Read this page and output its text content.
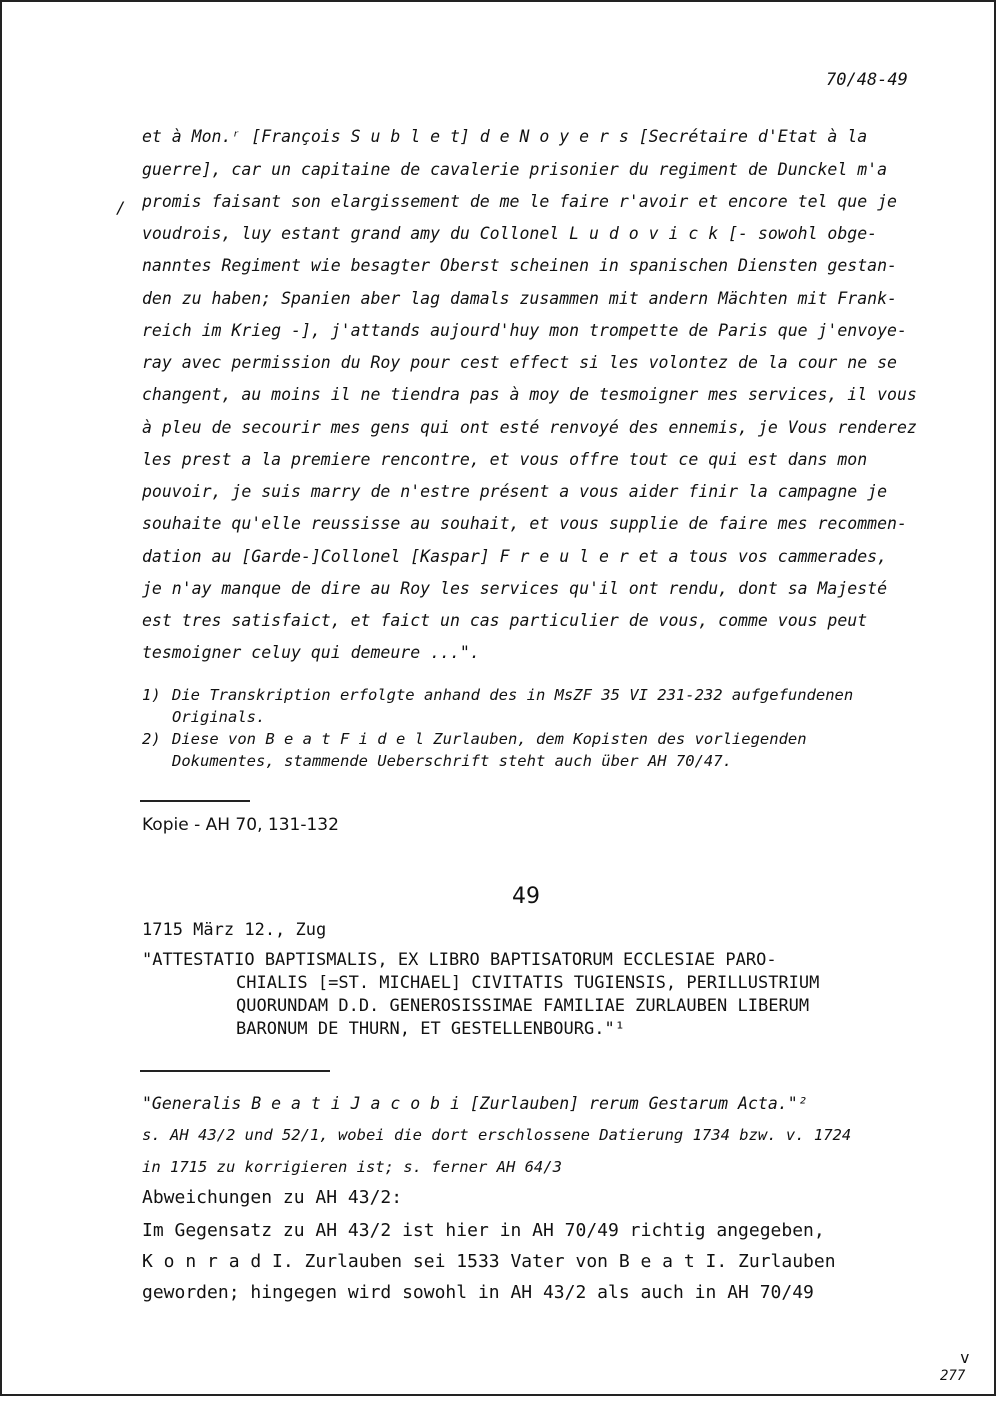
70/48-49
/
et à Mon.ʳ [François S u b l e t] d e N o y e r s [Secrétaire d'Etat à la
guerre], car un capitaine de cavalerie prisonier du regiment de Dunckel m'a
promis faisant son elargissement de me le faire r'avoir et encore tel que je
voudrois, luy estant grand amy du Collonel L u d o v i c k [- sowohl obge-
nanntes Regiment wie besagter Oberst scheinen in spanischen Diensten gestan-
den zu haben; Spanien aber lag damals zusammen mit andern Mächten mit Frank-
reich im Krieg -], j'attands aujourd'huy mon trompette de Paris que j'envoye-
ray avec permission du Roy pour cest effect si les volontez de la cour ne se
changent, au moins il ne tiendra pas à moy de tesmoigner mes services, il vous
à pleu de secourir mes gens qui ont esté renvoyé des ennemis, je Vous renderez
les prest a la premiere rencontre, et vous offre tout ce qui est dans mon
pouvoir, je suis marry de n'estre présent a vous aider finir la campagne je
souhaite qu'elle reussisse au souhait, et vous supplie de faire mes recommen-
dation au [Garde-]Collonel [Kaspar] F r e u l e r et a tous vos cammerades,
je n'ay manque de dire au Roy les services qu'il ont rendu, dont sa Majesté
est tres satisfaict, et faict un cas particulier de vous, comme vous peut
tesmoigner celuy qui demeure ...".
1) Die Transkription erfolgte anhand des in MsZF 35 VI 231-232 aufgefundenen
Originals.
2) Diese von B e a t F i d e l Zurlauben, dem Kopisten des vorliegenden
Dokumentes, stammende Ueberschrift steht auch über AH 70/47.
Kopie - AH 70, 131-132
49
1715 März 12., Zug
"ATTESTATIO BAPTISMALIS, EX LIBRO BAPTISATORUM ECCLESIAE PARO-
CHIALIS [=ST. MICHAEL] CIVITATIS TUGIENSIS, PERILLUSTRIUM
QUORUNDAM D.D. GENEROSISSIMAE FAMILIAE ZURLAUBEN LIBERUM
BARONUM DE THURN, ET GESTELLENBOURG."¹
"Generalis B e a t i J a c o b i [Zurlauben] rerum Gestarum Acta."²
s. AH 43/2 und 52/1, wobei die dort erschlossene Datierung 1734 bzw. v. 1724
in 1715 zu korrigieren ist; s. ferner AH 64/3
Abweichungen zu AH 43/2:
Im Gegensatz zu AH 43/2 ist hier in AH 70/49 richtig angegeben,
K o n r a d I. Zurlauben sei 1533 Vater von B e a t I. Zurlauben
geworden; hingegen wird sowohl in AH 43/2 als auch in AH 70/49
v
277
